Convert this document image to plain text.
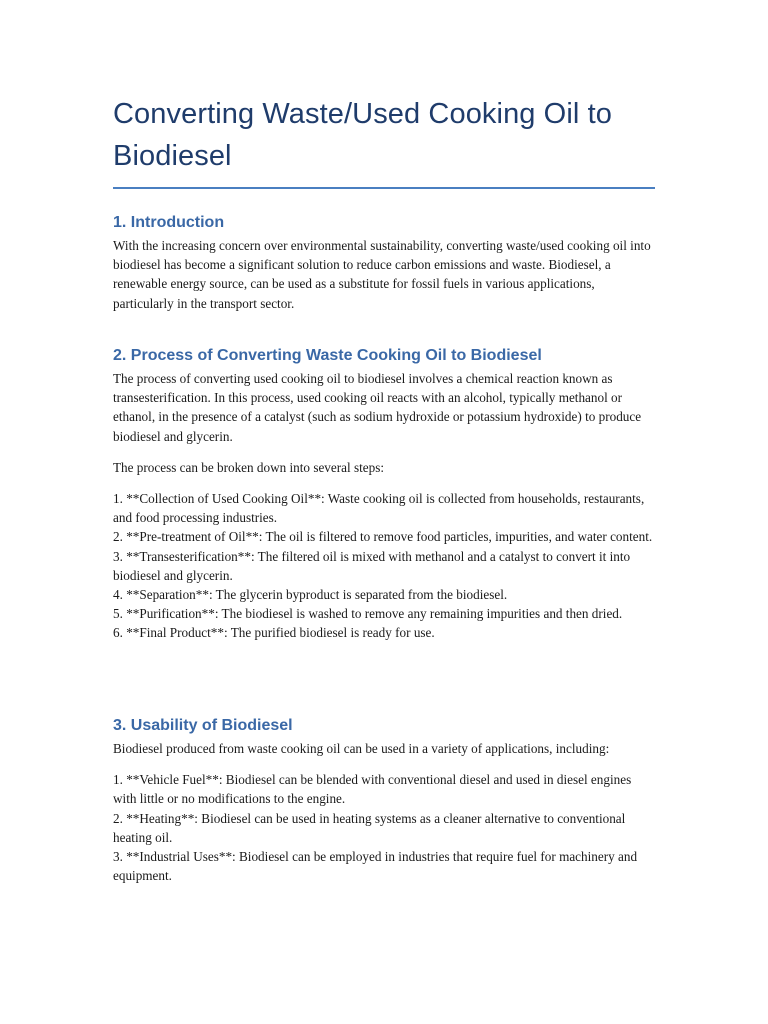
Converting Waste/Used Cooking Oil to Biodiesel
1. Introduction

With the increasing concern over environmental sustainability, converting waste/used cooking oil into biodiesel has become a significant solution to reduce carbon emissions and waste. Biodiesel, a renewable energy source, can be used as a substitute for fossil fuels in various applications, particularly in the transport sector.

2. Process of Converting Waste Cooking Oil to Biodiesel

The process of converting used cooking oil to biodiesel involves a chemical reaction known as transesterification. In this process, used cooking oil reacts with an alcohol, typically methanol or ethanol, in the presence of a catalyst (such as sodium hydroxide or potassium hydroxide) to produce biodiesel and glycerin.

The process can be broken down into several steps:

1. **Collection of Used Cooking Oil**: Waste cooking oil is collected from households, restaurants, and food processing industries.
2. **Pre-treatment of Oil**: The oil is filtered to remove food particles, impurities, and water content.
3. **Transesterification**: The filtered oil is mixed with methanol and a catalyst to convert it into biodiesel and glycerin.
4. **Separation**: The glycerin byproduct is separated from the biodiesel.
5. **Purification**: The biodiesel is washed to remove any remaining impurities and then dried.
6. **Final Product**: The purified biodiesel is ready for use.

3. Usability of Biodiesel

Biodiesel produced from waste cooking oil can be used in a variety of applications, including:

1. **Vehicle Fuel**: Biodiesel can be blended with conventional diesel and used in diesel engines with little or no modifications to the engine.
2. **Heating**: Biodiesel can be used in heating systems as a cleaner alternative to conventional heating oil.
3. **Industrial Uses**: Biodiesel can be employed in industries that require fuel for machinery and equipment.
